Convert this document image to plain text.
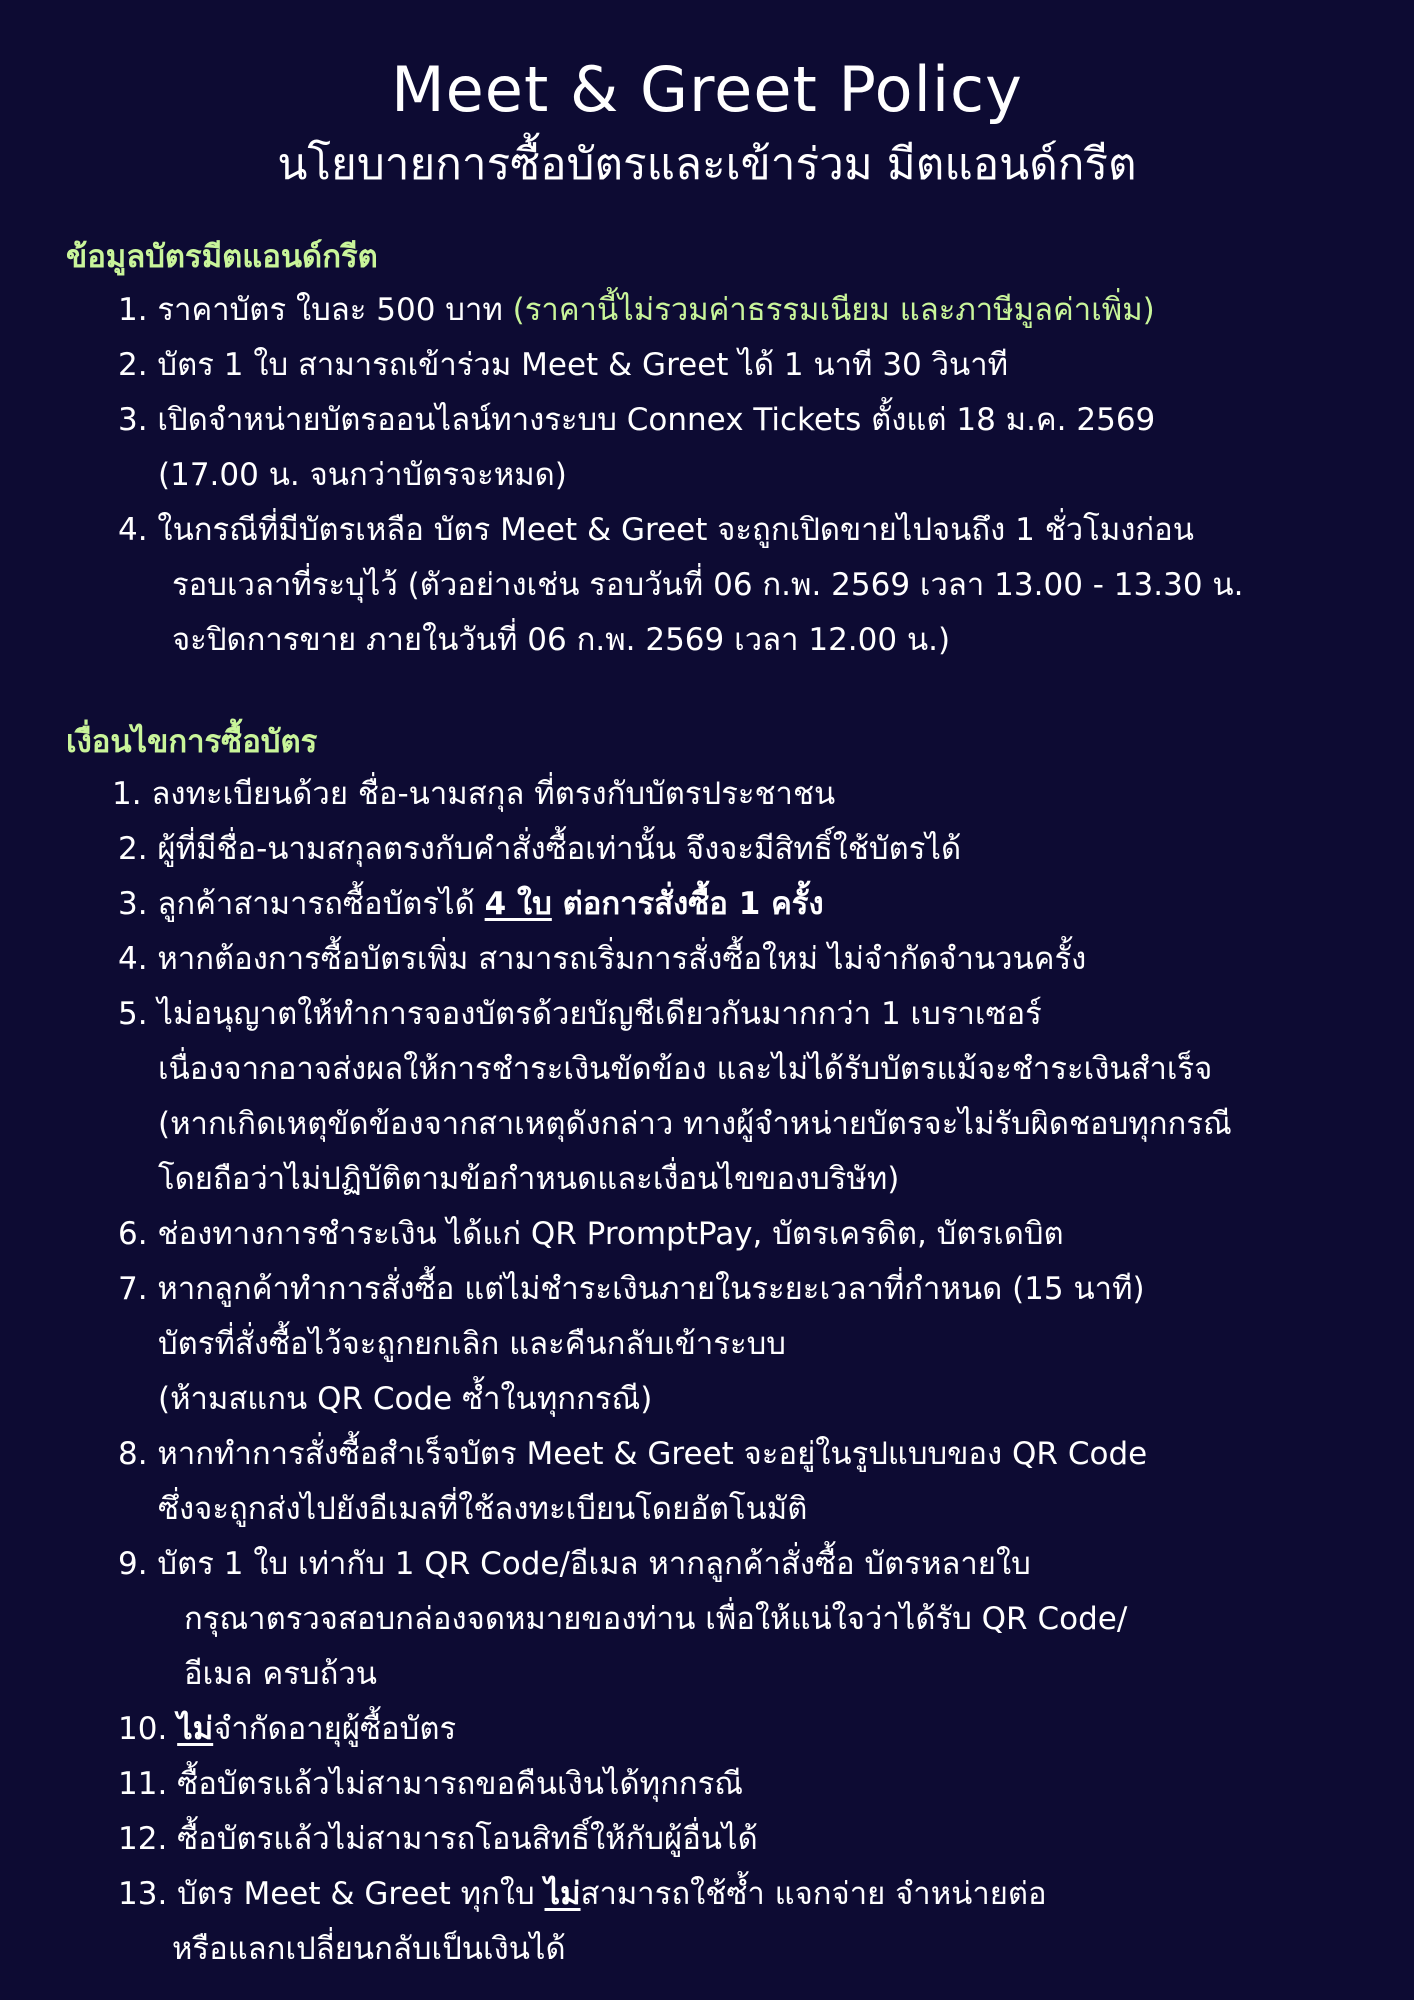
Meet & Greet Policy
นโยบายการซื้อบัตรและเข้าร่วม มีตแอนด์กรีต
ข้อมูลบัตรมีตแอนด์กรีต
1. ราคาบัตร ใบละ 500 บาท (ราคานี้ไม่รวมค่าธรรมเนียม และภาษีมูลค่าเพิ่ม)
2. บัตร 1 ใบ สามารถเข้าร่วม Meet & Greet ได้ 1 นาที 30 วินาที
3. เปิดจำหน่ายบัตรออนไลน์ทางระบบ Connex Tickets ตั้งแต่ 18 ม.ค. 2569
(17.00 น. จนกว่าบัตรจะหมด)
4. ในกรณีที่มีบัตรเหลือ บัตร Meet & Greet จะถูกเปิดขายไปจนถึง 1 ชั่วโมงก่อน
รอบเวลาที่ระบุไว้ (ตัวอย่างเช่น รอบวันที่ 06 ก.พ. 2569 เวลา 13.00 - 13.30 น.
จะปิดการขาย ภายในวันที่ 06 ก.พ. 2569 เวลา 12.00 น.)
เงื่อนไขการซื้อบัตร
1. ลงทะเบียนด้วย ชื่อ-นามสกุล ที่ตรงกับบัตรประชาชน
2. ผู้ที่มีชื่อ-นามสกุลตรงกับคำสั่งซื้อเท่านั้น จึงจะมีสิทธิ์ใช้บัตรได้
3. ลูกค้าสามารถซื้อบัตรได้ 4 ใบ ต่อการสั่งซื้อ 1 ครั้ง
4. หากต้องการซื้อบัตรเพิ่ม สามารถเริ่มการสั่งซื้อใหม่ ไม่จำกัดจำนวนครั้ง
5. ไม่อนุญาตให้ทำการจองบัตรด้วยบัญชีเดียวกันมากกว่า 1 เบราเซอร์
เนื่องจากอาจส่งผลให้การชำระเงินขัดข้อง และไม่ได้รับบัตรแม้จะชำระเงินสำเร็จ
(หากเกิดเหตุขัดข้องจากสาเหตุดังกล่าว ทางผู้จำหน่ายบัตรจะไม่รับผิดชอบทุกกรณี
โดยถือว่าไม่ปฏิบัติตามข้อกำหนดและเงื่อนไขของบริษัท)
6. ช่องทางการชำระเงิน ได้แก่ QR PromptPay, บัตรเครดิต, บัตรเดบิต
7. หากลูกค้าทำการสั่งซื้อ แต่ไม่ชำระเงินภายในระยะเวลาที่กำหนด (15 นาที)
บัตรที่สั่งซื้อไว้จะถูกยกเลิก และคืนกลับเข้าระบบ
(ห้ามสแกน QR Code ซ้ำในทุกกรณี)
8. หากทำการสั่งซื้อสำเร็จบัตร Meet & Greet จะอยู่ในรูปแบบของ QR Code
ซึ่งจะถูกส่งไปยังอีเมลที่ใช้ลงทะเบียนโดยอัตโนมัติ
9. บัตร 1 ใบ เท่ากับ 1 QR Code/อีเมล หากลูกค้าสั่งซื้อ บัตรหลายใบ
กรุณาตรวจสอบกล่องจดหมายของท่าน เพื่อให้แน่ใจว่าได้รับ QR Code/
อีเมล ครบถ้วน
10. ไม่จำกัดอายุผู้ซื้อบัตร
11. ซื้อบัตรแล้วไม่สามารถขอคืนเงินได้ทุกกรณี
12. ซื้อบัตรแล้วไม่สามารถโอนสิทธิ์ให้กับผู้อื่นได้
13. บัตร Meet & Greet ทุกใบ ไม่สามารถใช้ซ้ำ แจกจ่าย จำหน่ายต่อ
หรือแลกเปลี่ยนกลับเป็นเงินได้
